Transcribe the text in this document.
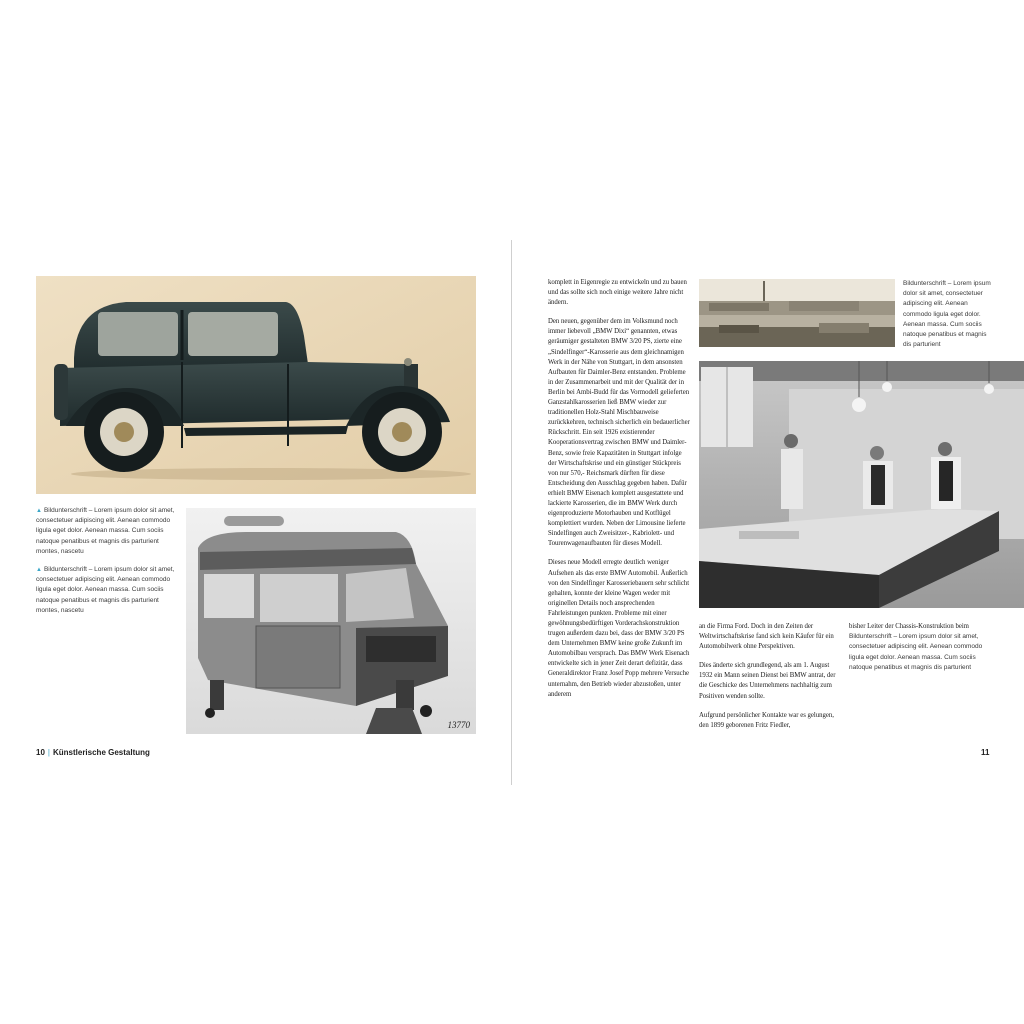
▲ Bildunterschrift – Lorem ipsum dolor sit amet, consectetuer adipiscing elit. Aenean commodo ligula eget dolor. Aenean massa. Cum sociis natoque penatibus et magnis dis parturient montes, nascetu
▲ Bildunterschrift – Lorem ipsum dolor sit amet, consectetuer adipiscing elit. Aenean commodo ligula eget dolor. Aenean massa. Cum sociis natoque penatibus et magnis dis parturient montes, nascetu
13770
10 | Künstlerische Gestaltung

komplett in Eigenregie zu entwickeln und zu bauen und das sollte sich noch einige weitere Jahre nicht ändern.

Den neuen, gegenüber dem im Volksmund noch immer liebevoll „BMW Dixi“ genannten, etwas geräumiger gestalteten BMW 3/20 PS, zierte eine „Sindelfinger“-Karosserie aus dem gleichnamigen Werk in der Nähe von Stuttgart, in dem ansonsten Aufbauten für Daimler-Benz entstanden. Probleme in der Zusammenarbeit und mit der Qualität der in Berlin bei Ambi-Budd für das Vormodell gelieferten Ganzstahlkarosserien ließ BMW wieder zur traditionellen Holz-Stahl Mischbauweise zurückkehren, technisch sicherlich ein bedauerlicher Rückschritt. Ein seit 1926 existierender Kooperationsvertrag zwischen BMW und Daimler-Benz, sowie freie Kapazitäten in Stuttgart infolge der Wirtschaftskrise und ein günstiger Stückpreis von nur 570,- Reichsmark dürften für diese Entscheidung den Ausschlag gegeben haben. Dafür erhielt BMW Eisenach komplett ausgestattete und lackierte Karosserien, die im BMW Werk durch eigenproduzierte Motorhauben und Kotflügel komplettiert wurden. Neben der Limousine lieferte Sindelfingen auch Zweisitzer-, Kabriolett- und Tourenwagenaufbauten für dieses Modell.

Dieses neue Modell erregte deutlich weniger Aufsehen als das erste BMW Automobil. Äußerlich von den Sindelfinger Karosseriebauern sehr schlicht gehalten, konnte der kleine Wagen weder mit originellen Details noch ansprechenden Fahrleistungen punkten. Probleme mit einer gewöhnungsbedürftigen Vorderachskonstruktion trugen außerdem dazu bei, dass der BMW 3/20 PS dem Unternehmen BMW keine große Zukunft im Automobilbau versprach. Das BMW Werk Eisenach entwickelte sich in jener Zeit derart defizitär, dass Generaldirektor Franz Josef Popp mehrere Versuche unternahm, den Betrieb wieder abzustoßen, unter anderem

Bildunterschrift – Lorem ipsum dolor sit amet, consectetuer adipiscing elit. Aenean commodo ligula eget dolor. Aenean massa. Cum sociis natoque penatibus et magnis dis parturient

an die Firma Ford. Doch in den Zeiten der Weltwirtschaftskrise fand sich kein Käufer für ein Automobilwerk ohne Perspektiven.

Dies änderte sich grundlegend, als am 1. August 1932 ein Mann seinen Dienst bei BMW antrat, der die Geschicke des Unternehmens nachhaltig zum Positiven wenden sollte.

Aufgrund persönlicher Kontakte war es gelungen, den 1899 geborenen Fritz Fiedler,

bisher Leiter der Chassis-Konstruktion beim
Bildunterschrift – Lorem ipsum dolor sit amet, consectetuer adipiscing elit. Aenean commodo ligula eget dolor. Aenean massa. Cum sociis natoque penatibus et magnis dis parturient
11
